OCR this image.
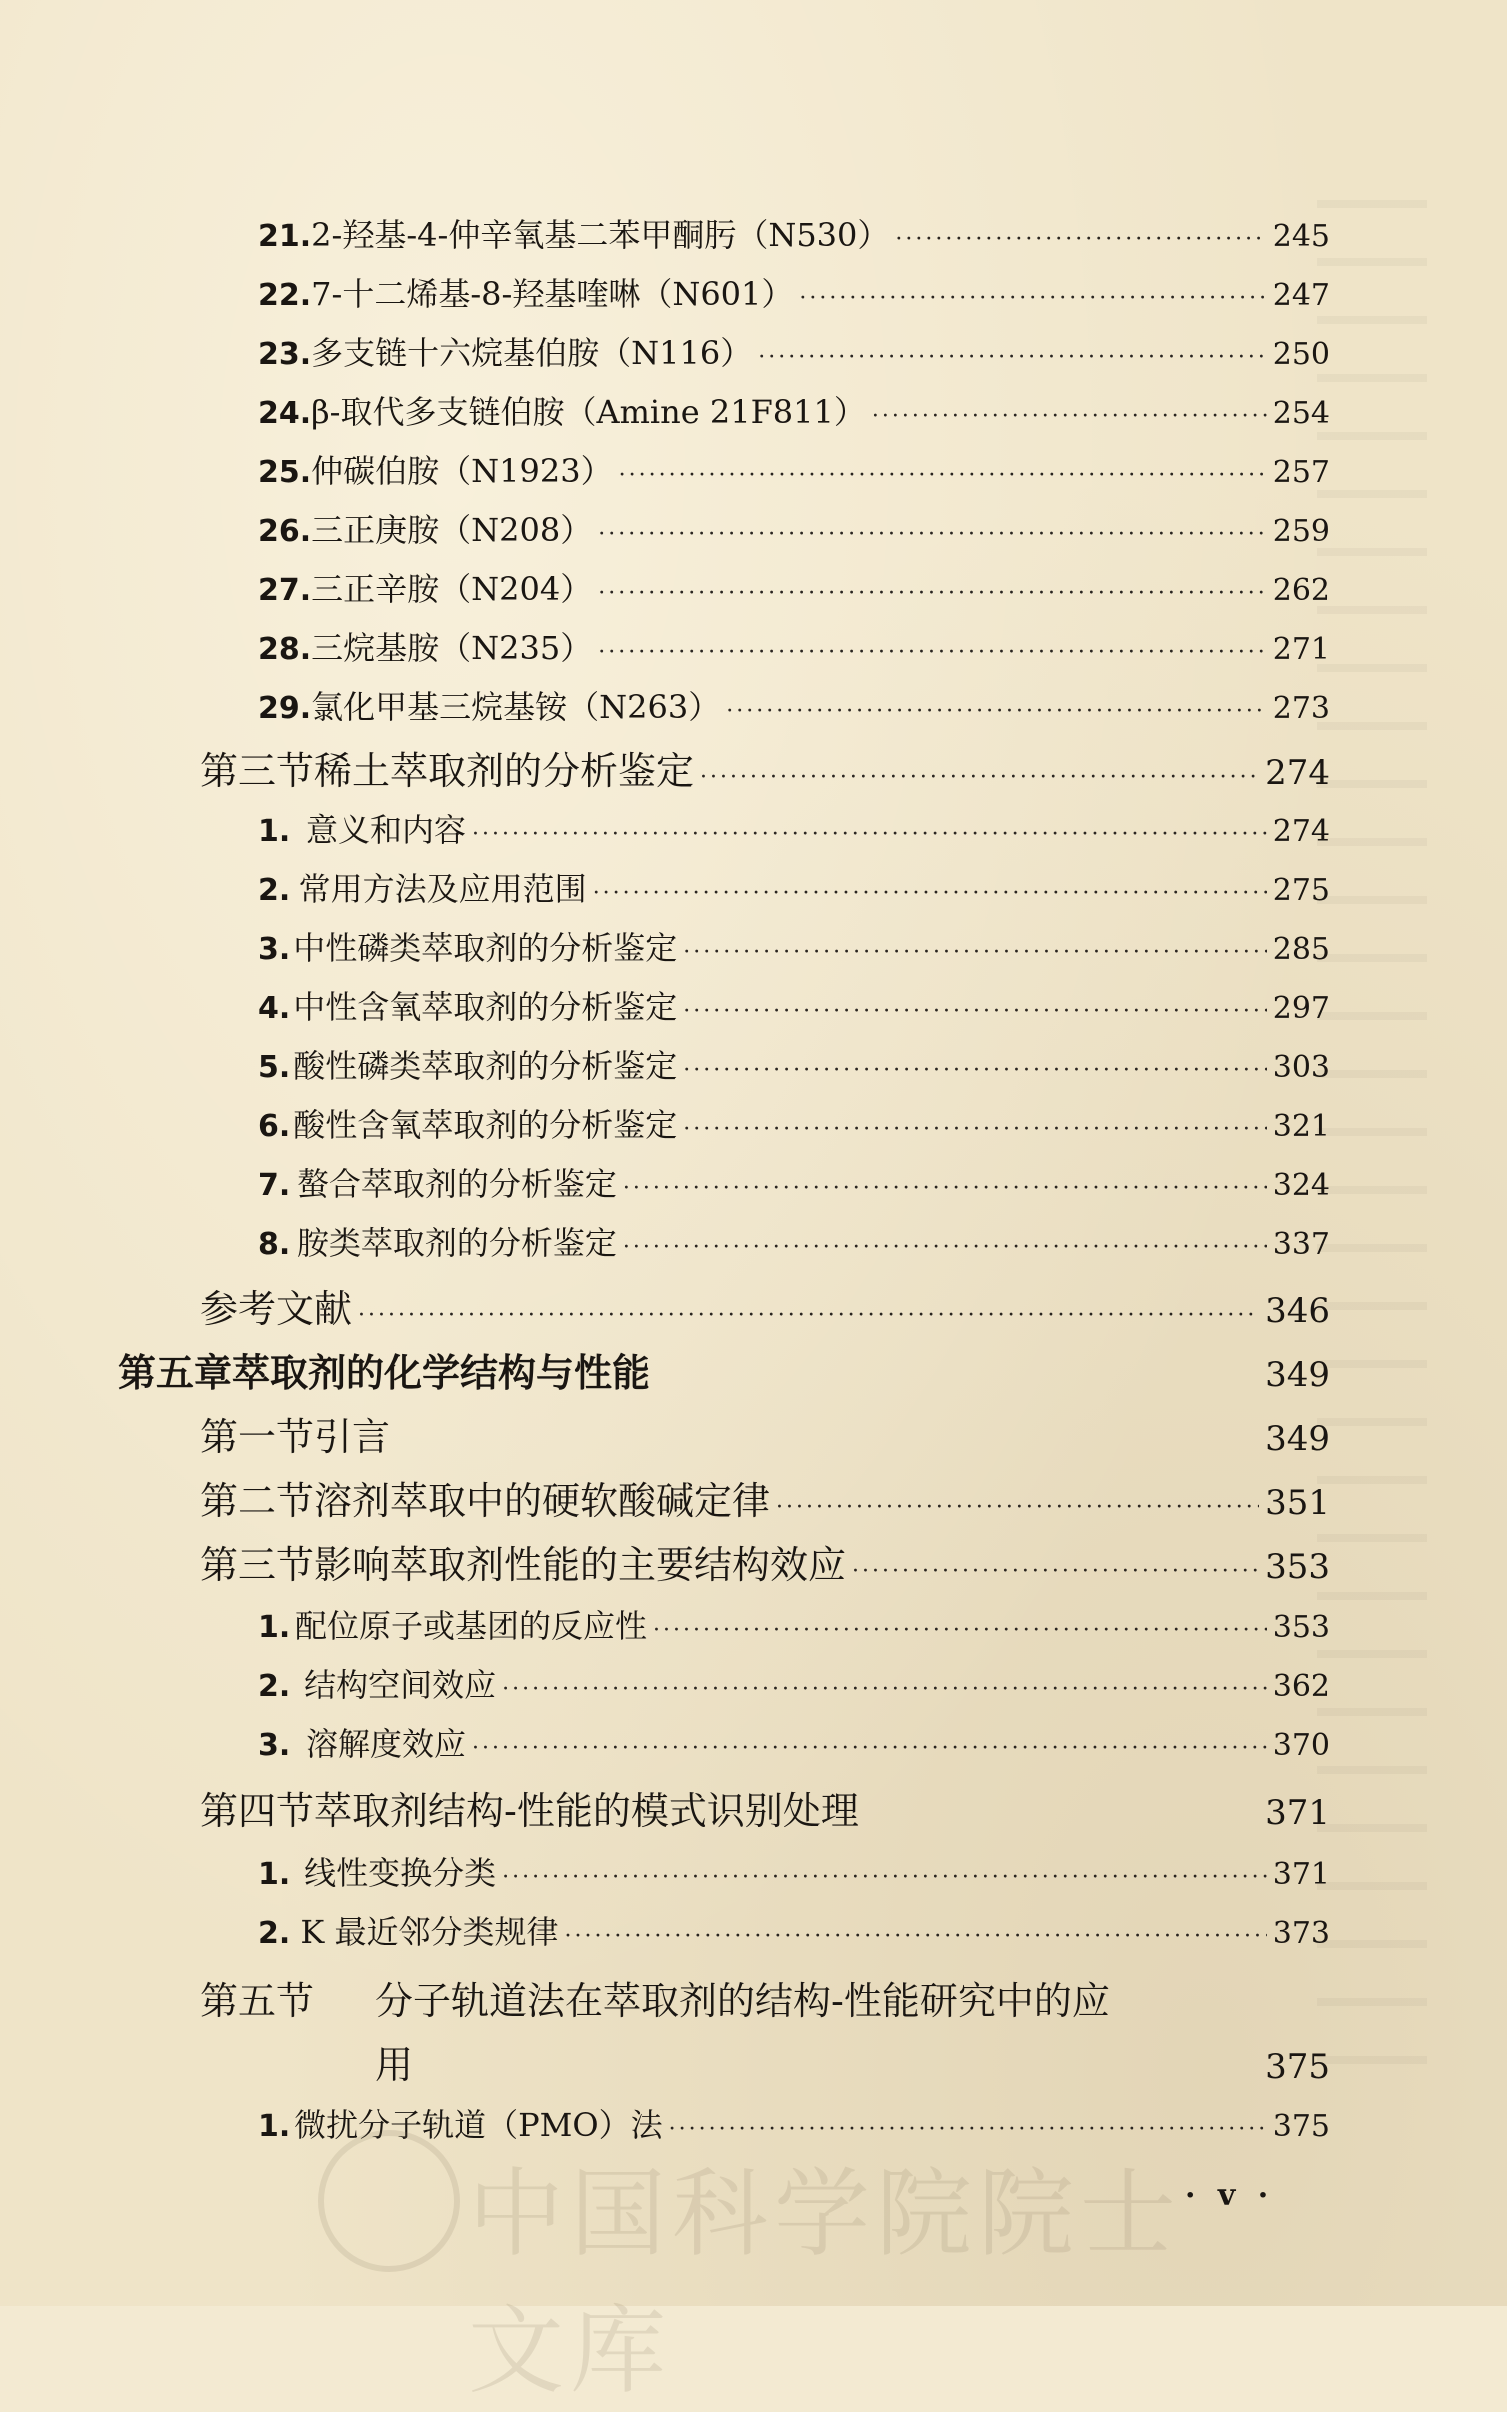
21. 2-羟基-4-仲辛氧基二苯甲酮肟（N530） ·····	245
22. 7-十二烯基-8-羟基喹啉（N601） ·····	247
23. 多支链十六烷基伯胺（N116） ·····	250
24. β-取代多支链伯胺（Amine 21F811） ·····	254
25. 仲碳伯胺（N1923） ·····	257
26. 三正庚胺（N208） ·····	259
27. 三正辛胺（N204） ·····	262
28. 三烷基胺（N235） ·····	271
29. 氯化甲基三烷基铵（N263） ·····	273
第三节 稀土萃取剂的分析鉴定 ·····	274
1. 意义和内容 ·····	274
2. 常用方法及应用范围 ·····	275
3. 中性磷类萃取剂的分析鉴定 ·····	285
4. 中性含氧萃取剂的分析鉴定 ·····	297
5. 酸性磷类萃取剂的分析鉴定 ·····	303
6. 酸性含氧萃取剂的分析鉴定 ·····	321
7. 螯合萃取剂的分析鉴定 ·····	324
8. 胺类萃取剂的分析鉴定 ·····	337
参考文献 ·····	346
第五章 萃取剂的化学结构与性能	349
第一节 引言	349
第二节 溶剂萃取中的硬软酸碱定律 ·····	351
第三节 影响萃取剂性能的主要结构效应 ·····	353
1. 配位原子或基团的反应性 ·····	353
2. 结构空间效应 ·····	362
3. 溶解度效应 ·····	370
第四节 萃取剂结构-性能的模式识别处理	371
1. 线性变换分类 ·····	371
2. K 最近邻分类规律 ·····	373
第五节 分子轨道法在萃取剂的结构-性能研究中的应
用	375
1. 微扰分子轨道（PMO）法 ·····	375
中国科学院院士文库
· v ·
